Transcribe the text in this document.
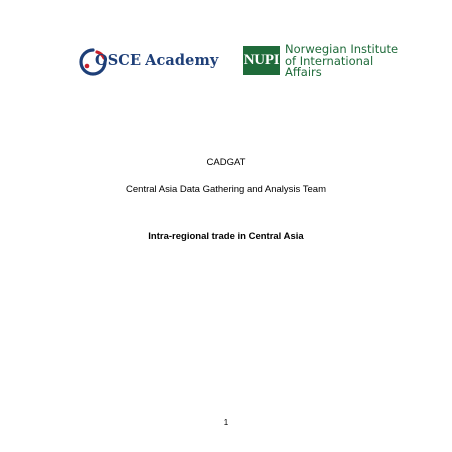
OSCE Academy NUPI
Norwegian Institute
of International
Affairs
CADGAT
Central Asia Data Gathering and Analysis Team
Intra-regional trade in Central Asia
1
